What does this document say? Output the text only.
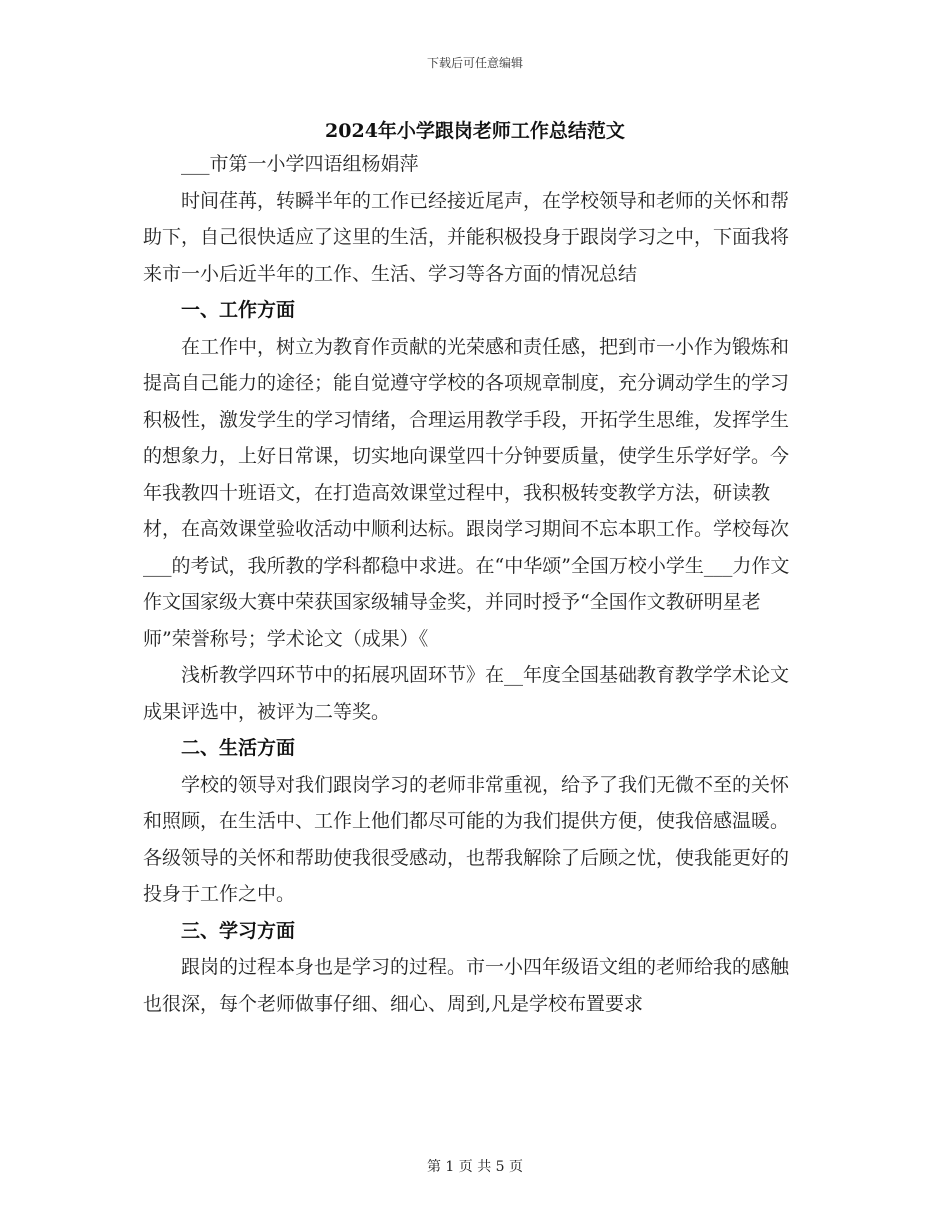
下载后可任意编辑
2024年小学跟岗老师工作总结范文

___市第一小学四语组杨娟萍

时间荏苒，转瞬半年的工作已经接近尾声，在学校领导和老师的关怀和帮助下，自己很快适应了这里的生活，并能积极投身于跟岗学习之中，下面我将来市一小后近半年的工作、生活、学习等各方面的情况总结

一、工作方面

在工作中，树立为教育作贡献的光荣感和责任感，把到市一小作为锻炼和提高自己能力的途径；能自觉遵守学校的各项规章制度，充分调动学生的学习积极性，激发学生的学习情绪，合理运用教学手段，开拓学生思维，发挥学生的想象力，上好日常课，切实地向课堂四十分钟要质量，使学生乐学好学。今年我教四十班语文，在打造高效课堂过程中，我积极转变教学方法，研读教材，在高效课堂验收活动中顺利达标。跟岗学习期间不忘本职工作。学校每次___的考试，我所教的学科都稳中求进。在“中华颂”全国万校小学生___力作文作文国家级大赛中荣获国家级辅导金奖，并同时授予“全国作文教研明星老师”荣誉称号；学术论文（成果）《

浅析教学四环节中的拓展巩固环节》在__年度全国基础教育教学学术论文成果评选中，被评为二等奖。

二、生活方面

学校的领导对我们跟岗学习的老师非常重视，给予了我们无微不至的关怀和照顾，在生活中、工作上他们都尽可能的为我们提供方便，使我倍感温暖。各级领导的关怀和帮助使我很受感动，也帮我解除了后顾之忧，使我能更好的投身于工作之中。

三、学习方面

跟岗的过程本身也是学习的过程。市一小四年级语文组的老师给我的感触也很深，每个老师做事仔细、细心、周到,凡是学校布置要求

第 1 页 共 5 页
